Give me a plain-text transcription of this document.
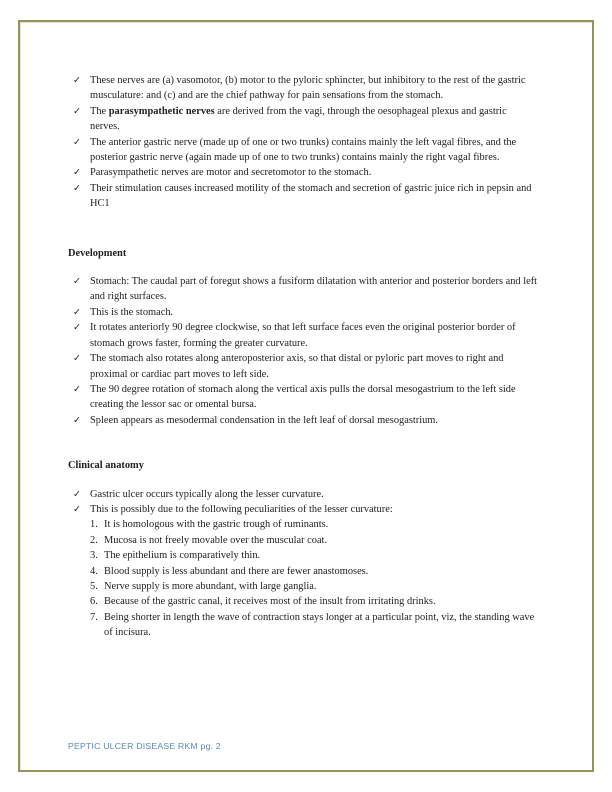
✓ These nerves are (a) vasomotor, (b) motor to the pyloric sphincter, but inhibitory to the rest of the gastric musculature: and (c) and are the chief pathway for pain sensations from the stomach.
✓ The parasympathetic nerves are derived from the vagi, through the oesophageal plexus and gastric nerves.
✓ The anterior gastric nerve (made up of one or two trunks) contains mainly the left vagal fibres, and the posterior gastric nerve (again made up of one to two trunks) contains mainly the right vagal fibres.
✓ Parasympathetic nerves are motor and secretomotor to the stomach.
✓ Their stimulation causes increased motility of the stomach and secretion of gastric juice rich in pepsin and HC1
Development
✓ Stomach: The caudal part of foregut shows a fusiform dilatation with anterior and posterior borders and left and right surfaces.
✓ This is the stomach.
✓ It rotates anteriorly 90 degree clockwise, so that left surface faces even the original posterior border of stomach grows faster, forming the greater curvature.
✓ The stomach also rotates along anteroposterior axis, so that distal or pyloric part moves to right and proximal or cardiac part moves to left side.
✓ The 90 degree rotation of stomach along the vertical axis pulls the dorsal mesogastrium to the left side creating the lessor sac or omental bursa.
✓ Spleen appears as mesodermal condensation in the left leaf of dorsal mesogastrium.
Clinical anatomy
✓ Gastric ulcer occurs typically along the lesser curvature.
✓ This is possibly due to the following peculiarities of the lesser curvature:
1. It is homologous with the gastric trough of ruminants.
2. Mucosa is not freely movable over the muscular coat.
3. The epithelium is comparatively thin.
4. Blood supply is less abundant and there are fewer anastomoses.
5. Nerve supply is more abundant, with large ganglia.
6. Because of the gastric canal, it receives most of the insult from irritating drinks.
7. Being shorter in length the wave of contraction stays longer at a particular point, viz, the standing wave of incisura.
PEPTIC ULCER DISEASE RKM pg. 2
